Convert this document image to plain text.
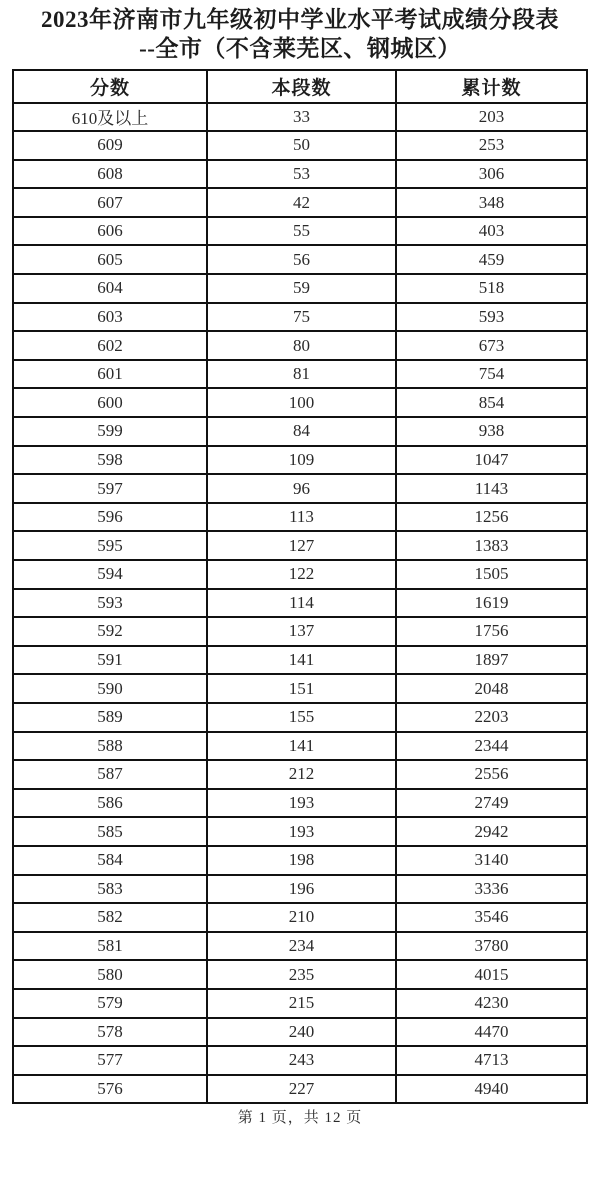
2023年济南市九年级初中学业水平考试成绩分段表
--全市（不含莱芜区、钢城区）
分数	本段数	累计数
610及以上	33	203
609	50	253
608	53	306
607	42	348
606	55	403
605	56	459
604	59	518
603	75	593
602	80	673
601	81	754
600	100	854
599	84	938
598	109	1047
597	96	1143
596	113	1256
595	127	1383
594	122	1505
593	114	1619
592	137	1756
591	141	1897
590	151	2048
589	155	2203
588	141	2344
587	212	2556
586	193	2749
585	193	2942
584	198	3140
583	196	3336
582	210	3546
581	234	3780
580	235	4015
579	215	4230
578	240	4470
577	243	4713
576	227	4940
第 1 页，共 12 页
